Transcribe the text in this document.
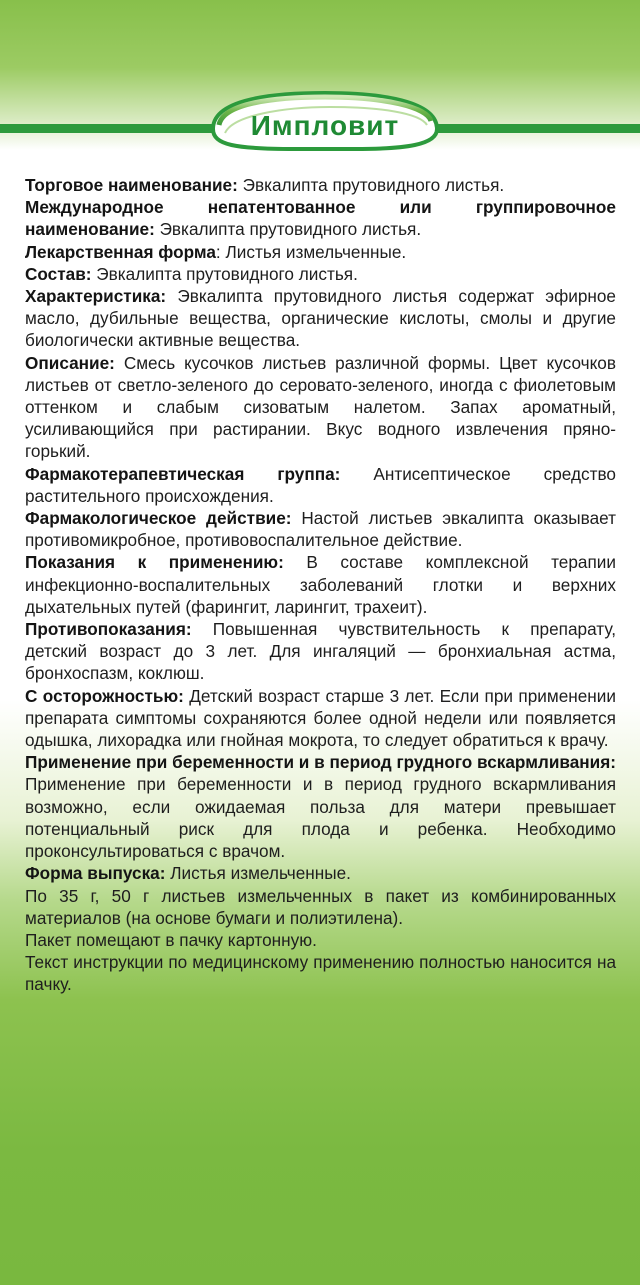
Импловит

Торговое наименование: Эвкалипта прутовидного листья.

Международное непатентованное или группировочное наименование: Эвкалипта прутовидного листья.

Лекарственная форма: Листья измельченные.

Состав: Эвкалипта прутовидного листья.

Характеристика: Эвкалипта прутовидного листья содержат эфирное масло, дубильные вещества, органические кислоты, смолы и другие биологически активные вещества.

Описание: Смесь кусочков листьев различной формы. Цвет кусочков листьев от светло-зеленого до серовато-зеленого, иногда с фиолетовым оттенком и слабым сизоватым налетом. Запах ароматный, усиливающийся при растирании. Вкус водного извлечения пряно-горький.

Фармакотерапевтическая группа: Антисептическое средство растительного происхождения.

Фармакологическое действие: Настой листьев эвкалипта оказывает противомикробное, противовоспалительное действие.

Показания к применению: В составе комплексной терапии инфекционно-воспалительных заболеваний глотки и верхних дыхательных путей (фарингит, ларингит, трахеит).

Противопоказания: Повышенная чувствительность к препарату, детский возраст до 3 лет. Для ингаляций — бронхиальная астма, бронхоспазм, коклюш.

С осторожностью: Детский возраст старше 3 лет. Если при применении препарата симптомы сохраняются более одной недели или появляется одышка, лихорадка или гнойная мокрота, то следует обратиться к врачу.

Применение при беременности и в период грудного вскармливания: Применение при беременности и в период грудного вскармливания возможно, если ожидаемая польза для матери превышает потенциальный риск для плода и ребенка. Необходимо проконсультироваться с врачом.

Форма выпуска: Листья измельченные.

По 35 г, 50 г листьев измельченных в пакет из комбинированных материалов (на основе бумаги и полиэтилена).

Пакет помещают в пачку картонную.

Текст инструкции по медицинскому применению полностью наносится на пачку.
